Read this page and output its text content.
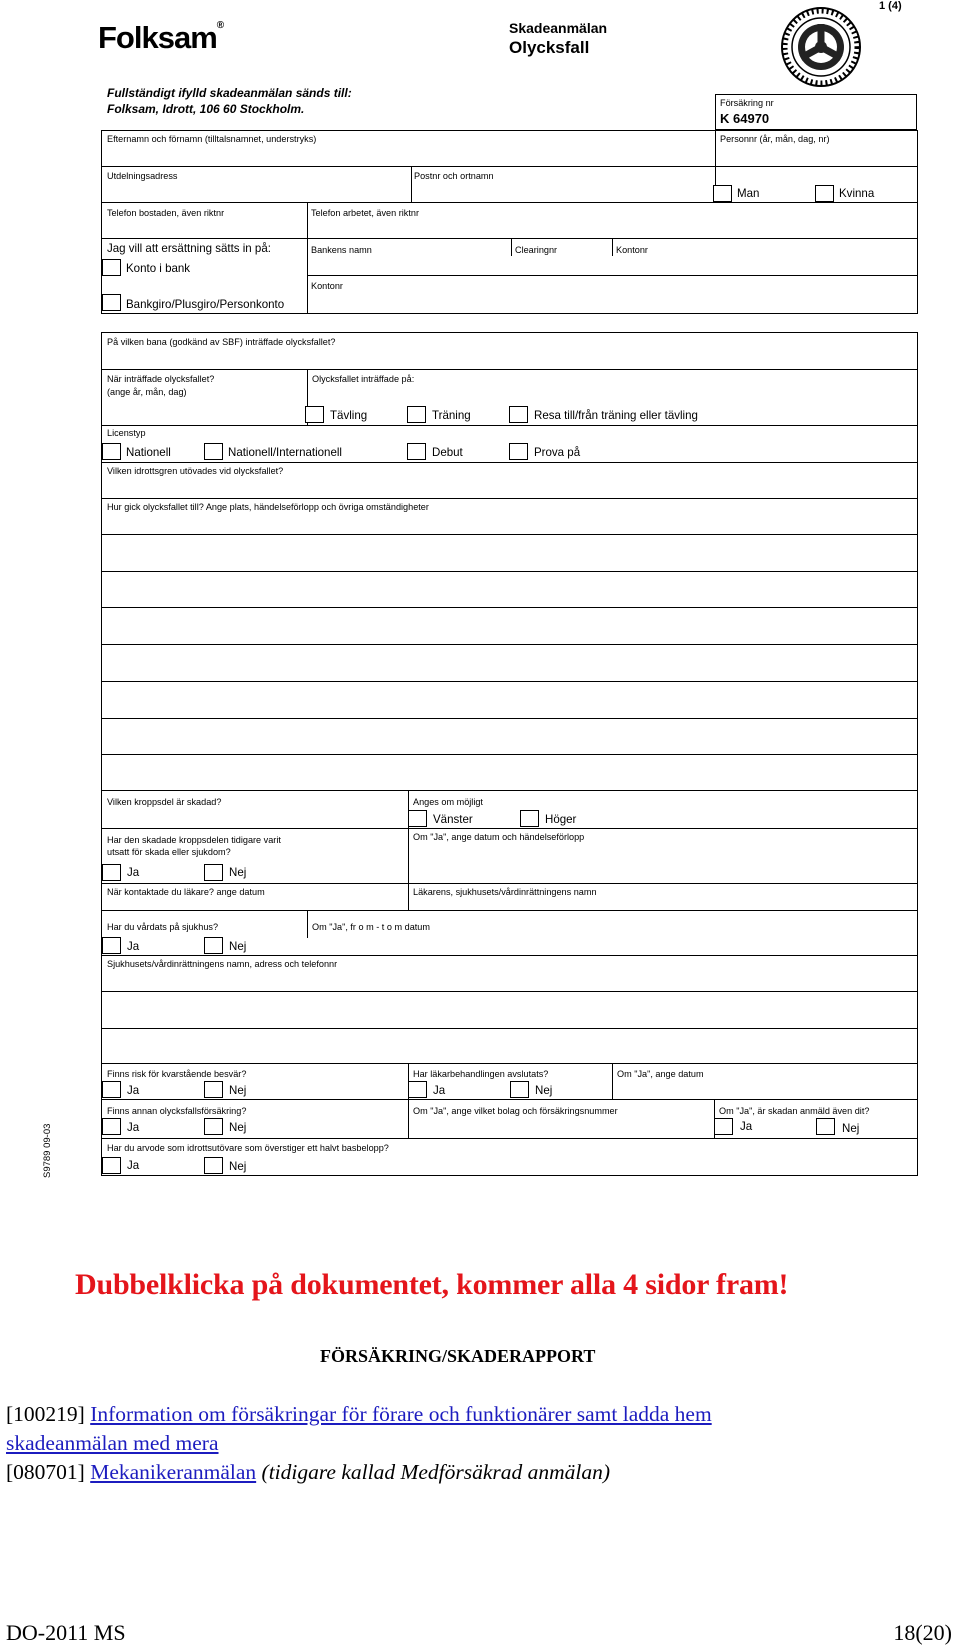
1 (4)
Folksam®	Skadeanmälan
Olycksfall
Fullständigt ifylld skadeanmälan sänds till:
Folksam, Idrott, 106 60 Stockholm.	Försäkring nr
K 64970
Personnr (år, mån, dag, nr)
Efternamn och förnamn (tilltalsnamnet, understryks)
Utdelningsadress	Postnr och ortnamn
Man	Kvinna
Telefon bostaden, även riktnr	Telefon arbetet, även riktnr
Jag vill att ersättning sätts in på:	Bankens namn	Clearingnr	Kontonr
Konto i bank
Kontonr
Bankgiro/Plusgiro/Personkonto
På vilken bana (godkänd av SBF) inträffade olycksfallet?
När inträffade olycksfallet?
(ange år, mån, dag)
Olycksfallet inträffade på:
Tävling	Träning	Resa till/från träning eller tävling
Licenstyp
Nationell	Nationell/Internationell	Debut	Prova på
Vilken idrottsgren utövades vid olycksfallet?
Hur gick olycksfallet till? Ange plats, händelseförlopp och övriga omständigheter
Vilken kroppsdel är skadad?	Anges om möjligt
Vänster	Höger
Har den skadade kroppsdelen tidigare varit
utsatt för skada eller sjukdom?
Om "Ja", ange datum och händelseförlopp
Ja	Nej
När kontaktade du läkare? ange datum	Läkarens, sjukhusets/vårdinrättningens namn
Har du vårdats på sjukhus?	Om "Ja", fr o m - t o m datum
Ja	Nej
Sjukhusets/vårdinrättningens namn, adress och telefonnr
Finns risk för kvarstående besvär?	Har läkarbehandlingen avslutats?	Om "Ja", ange datum
Ja	Nej	Ja	Nej
Finns annan olycksfallsförsäkring?	Om "Ja", ange vilket bolag och försäkringsnummer	Om "Ja", är skadan anmäld även dit?
Ja	Nej	Ja	Nej
Har du arvode som idrottsutövare som överstiger ett halvt basbelopp?
Ja	Nej
S9789 09-03
Dubbelklicka på dokumentet, kommer alla 4 sidor fram!
FÖRSÄKRING/SKADERAPPORT
[100219] Information om försäkringar för förare och funktionärer samt ladda hem
skadeanmälan med mera
[080701] Mekanikeranmälan (tidigare kallad Medförsäkrad anmälan)
DO-2011 MS	18(20)
